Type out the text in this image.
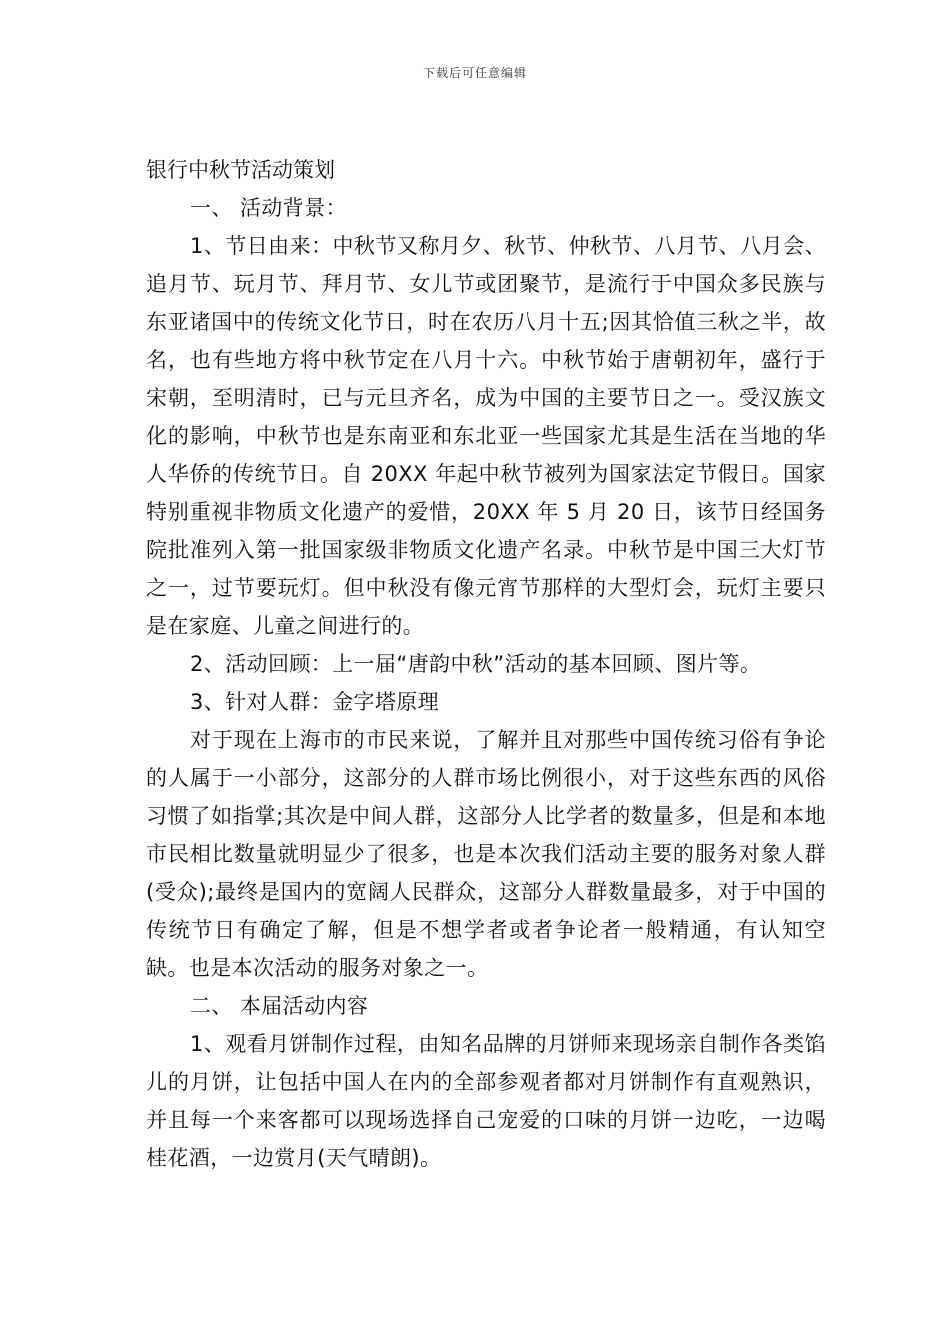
下载后可任意编辑
银行中秋节活动策划

一、 活动背景：

1、节日由来：中秋节又称月夕、秋节、仲秋节、八月节、八月会、追月节、玩月节、拜月节、女儿节或团聚节，是流行于中国众多民族与东亚诸国中的传统文化节日，时在农历八月十五;因其恰值三秋之半，故名，也有些地方将中秋节定在八月十六。中秋节始于唐朝初年，盛行于宋朝，至明清时，已与元旦齐名，成为中国的主要节日之一。受汉族文化的影响，中秋节也是东南亚和东北亚一些国家尤其是生活在当地的华人华侨的传统节日。自 20XX 年起中秋节被列为国家法定节假日。国家特别重视非物质文化遗产的爱惜，20XX 年 5 月 20 日，该节日经国务院批准列入第一批国家级非物质文化遗产名录。中秋节是中国三大灯节之一，过节要玩灯。但中秋没有像元宵节那样的大型灯会，玩灯主要只是在家庭、儿童之间进行的。

2、活动回顾：上一届“唐韵中秋”活动的基本回顾、图片等。

3、针对人群：金字塔原理

对于现在上海市的市民来说，了解并且对那些中国传统习俗有争论的人属于一小部分，这部分的人群市场比例很小，对于这些东西的风俗习惯了如指掌;其次是中间人群，这部分人比学者的数量多，但是和本地市民相比数量就明显少了很多，也是本次我们活动主要的服务对象人群(受众);最终是国内的宽阔人民群众，这部分人群数量最多，对于中国的传统节日有确定了解，但是不想学者或者争论者一般精通，有认知空缺。也是本次活动的服务对象之一。

二、 本届活动内容

1、观看月饼制作过程，由知名品牌的月饼师来现场亲自制作各类馅儿的月饼，让包括中国人在内的全部参观者都对月饼制作有直观熟识，并且每一个来客都可以现场选择自己宠爱的口味的月饼一边吃，一边喝桂花酒，一边赏月(天气晴朗)。
